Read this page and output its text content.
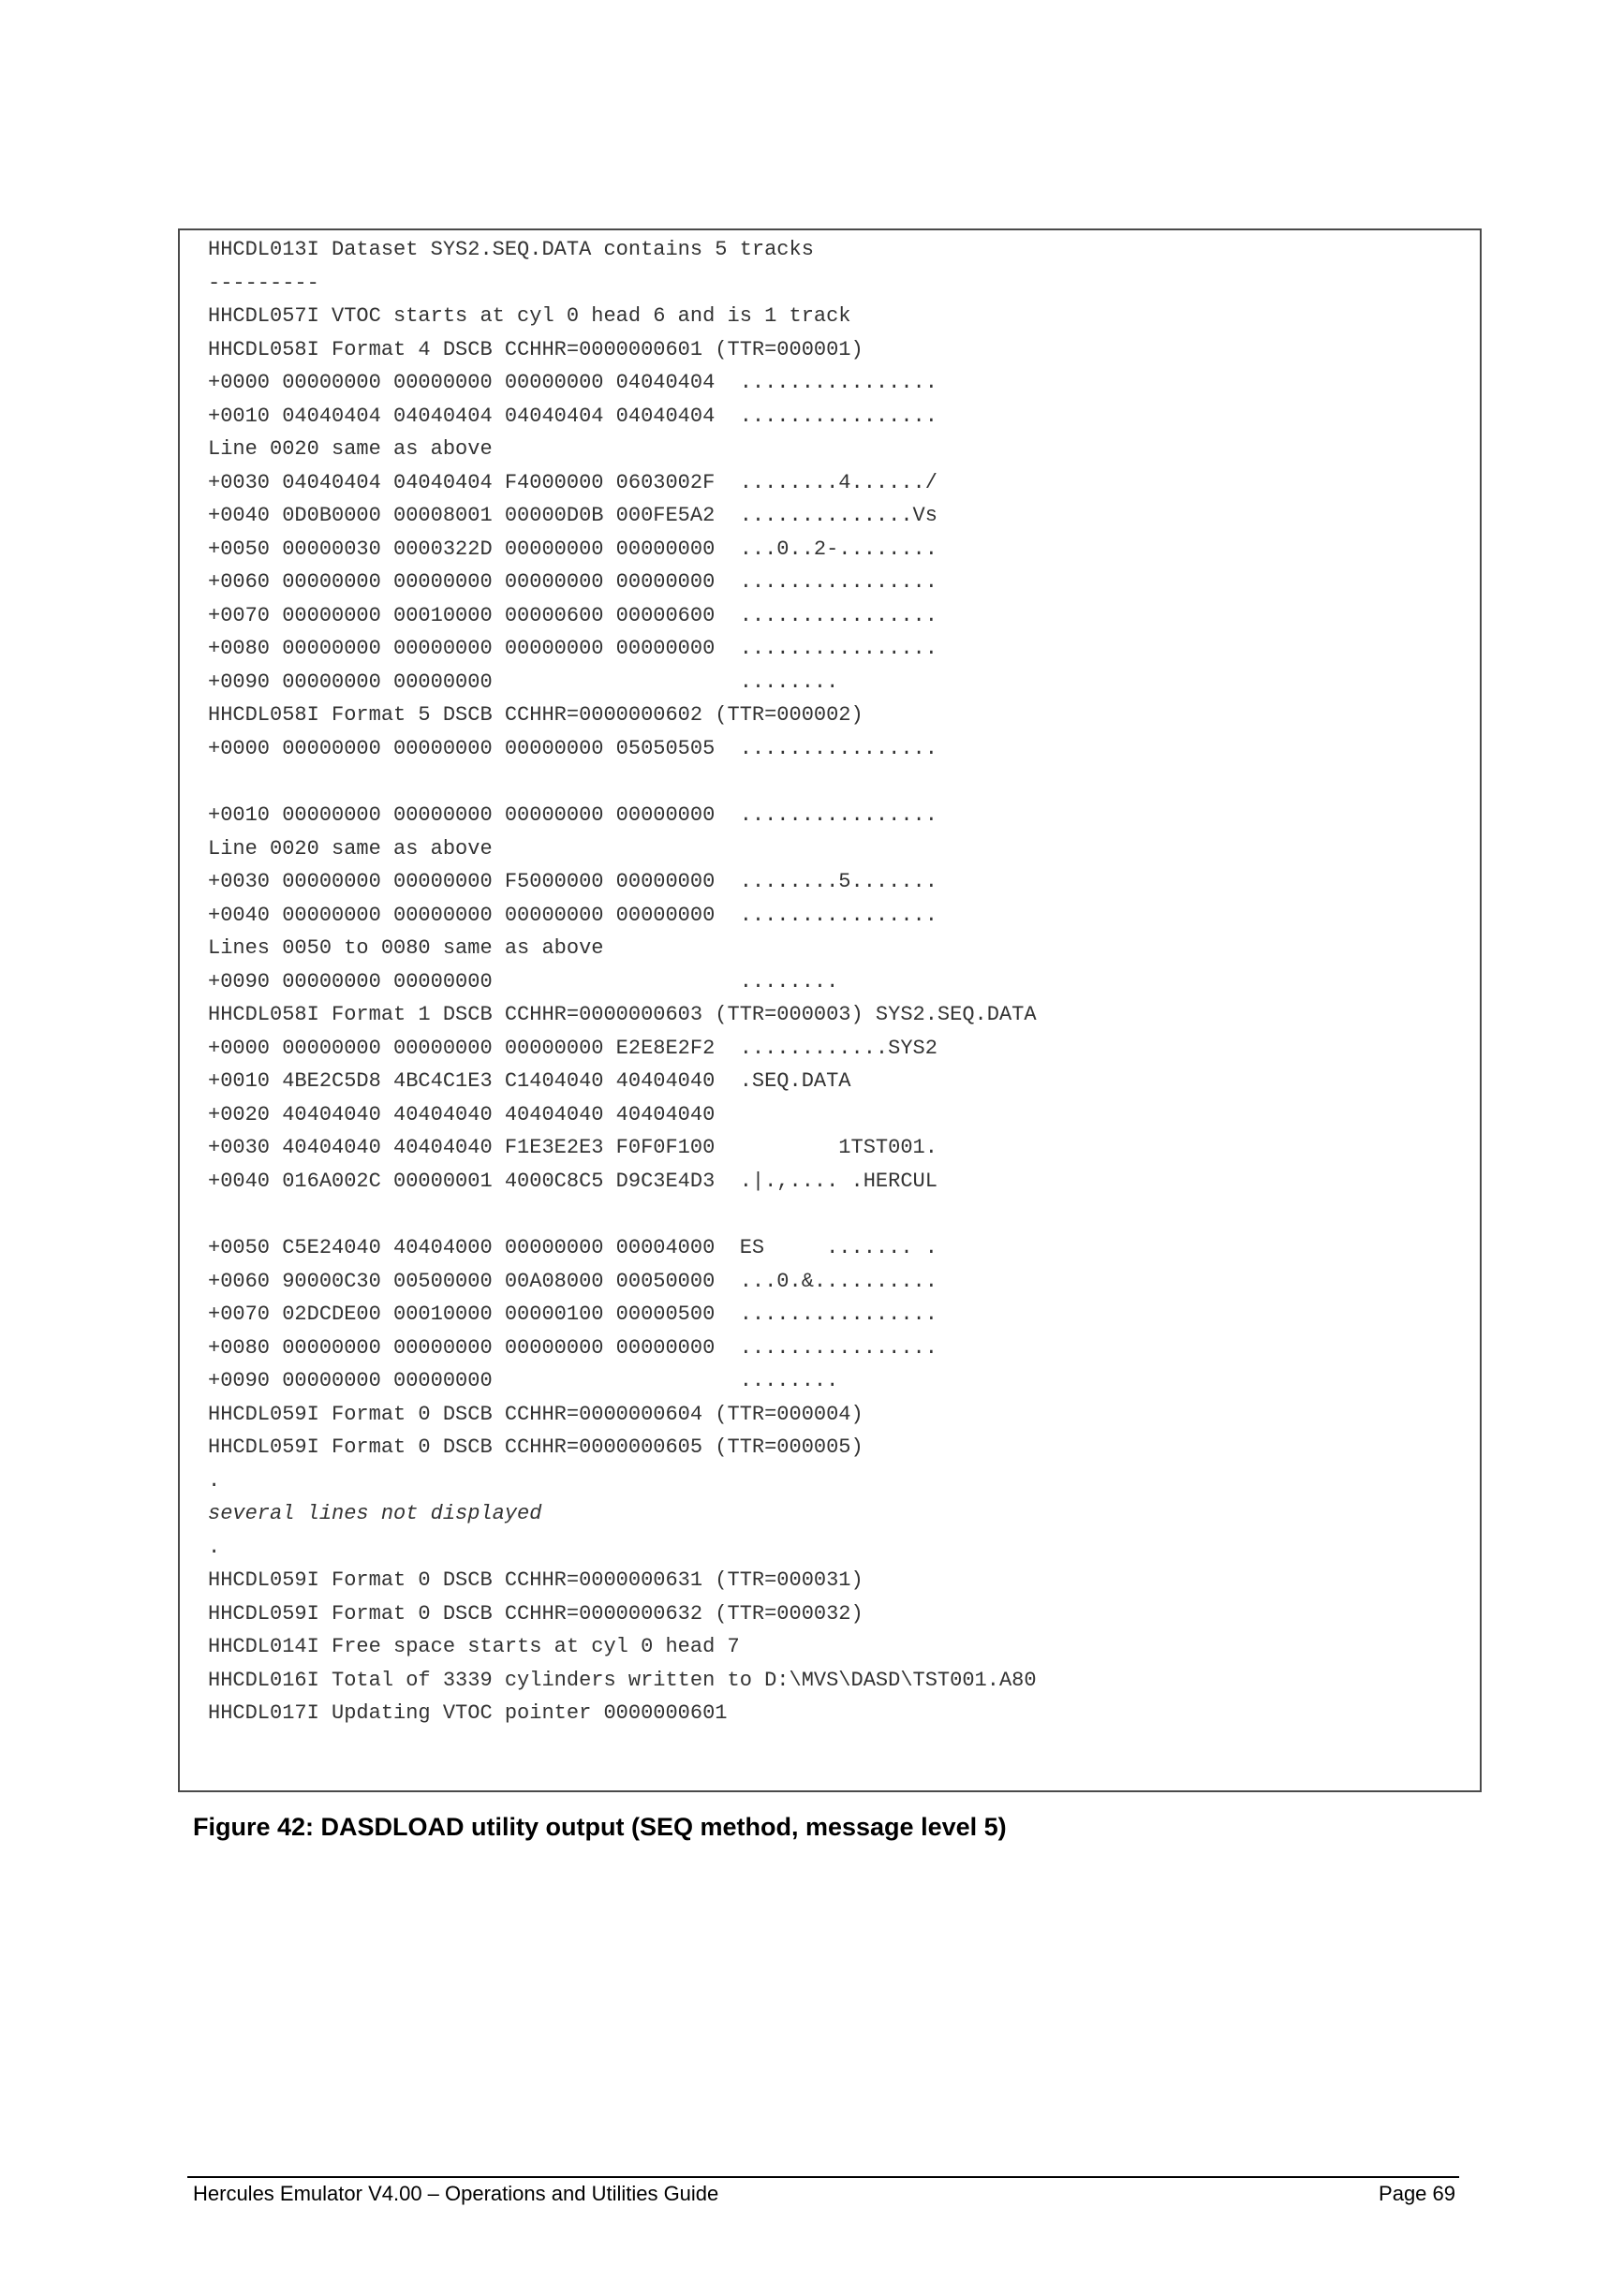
HHCDL013I Dataset SYS2.SEQ.DATA contains 5 tracks
---------
HHCDL057I VTOC starts at cyl 0 head 6 and is 1 track
HHCDL058I Format 4 DSCB CCHHR=0000000601 (TTR=000001)
+0000 00000000 00000000 00000000 04040404  ................
+0010 04040404 04040404 04040404 04040404  ................
Line 0020 same as above
+0030 04040404 04040404 F4000000 0603002F  ........4....../
+0040 0D0B0000 00008001 00000D0B 000FE5A2  ..............Vs
+0050 00000030 0000322D 00000000 00000000  ...0..2-........
+0060 00000000 00000000 00000000 00000000  ................
+0070 00000000 00010000 00000600 00000600  ................
+0080 00000000 00000000 00000000 00000000  ................
+0090 00000000 00000000                    ........
HHCDL058I Format 5 DSCB CCHHR=0000000602 (TTR=000002)
+0000 00000000 00000000 00000000 05050505  ................
+0010 00000000 00000000 00000000 00000000  ................
Line 0020 same as above
+0030 00000000 00000000 F5000000 00000000  ........5.......
+0040 00000000 00000000 00000000 00000000  ................
Lines 0050 to 0080 same as above
+0090 00000000 00000000                    ........
HHCDL058I Format 1 DSCB CCHHR=0000000603 (TTR=000003) SYS2.SEQ.DATA
+0000 00000000 00000000 00000000 E2E8E2F2  ............SYS2
+0010 4BE2C5D8 4BC4C1E3 C1404040 40404040  .SEQ.DATA
+0020 40404040 40404040 40404040 40404040
+0030 40404040 40404040 F1E3E2E3 F0F0F100          1TST001.
+0040 016A002C 00000001 4000C8C5 D9C3E4D3  .|.,.... .HERCUL
+0050 C5E24040 40404000 00000000 00004000  ES     ....... .
+0060 90000C30 00500000 00A08000 00050000  ...0.&..........
+0070 02DCDE00 00010000 00000100 00000500  ................
+0080 00000000 00000000 00000000 00000000  ................
+0090 00000000 00000000                    ........
HHCDL059I Format 0 DSCB CCHHR=0000000604 (TTR=000004)
HHCDL059I Format 0 DSCB CCHHR=0000000605 (TTR=000005)
.
several lines not displayed
.
HHCDL059I Format 0 DSCB CCHHR=0000000631 (TTR=000031)
HHCDL059I Format 0 DSCB CCHHR=0000000632 (TTR=000032)
HHCDL014I Free space starts at cyl 0 head 7
HHCDL016I Total of 3339 cylinders written to D:\MVS\DASD\TST001.A80
HHCDL017I Updating VTOC pointer 0000000601
Figure 42: DASDLOAD utility output (SEQ method, message level 5)
Hercules Emulator V4.00 – Operations and Utilities Guide	Page 69
